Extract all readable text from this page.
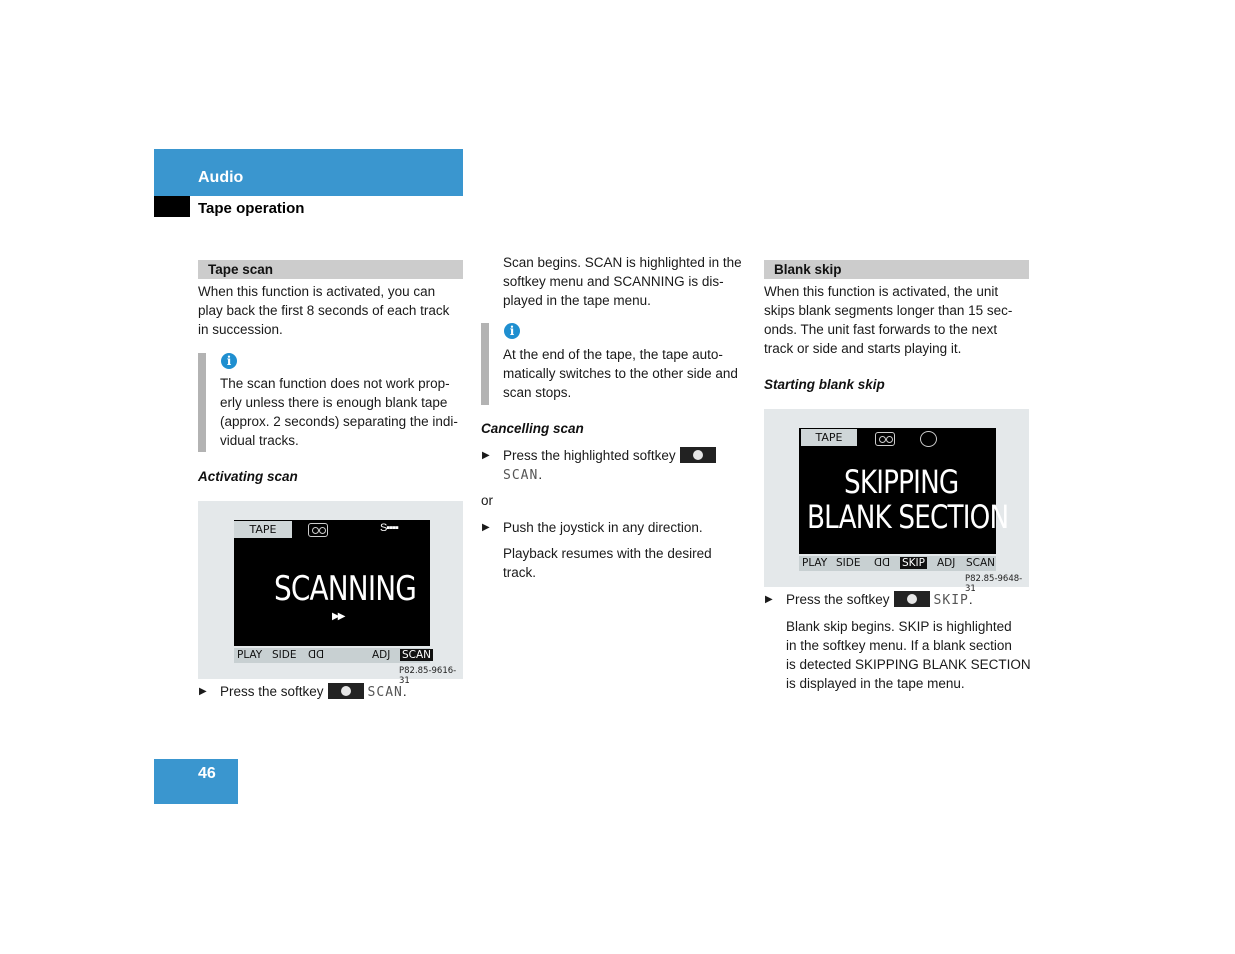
Audio
Tape operation
Tape scan
When this function is activated, you can
play back the first 8 seconds of each track
in succession.
i
The scan function does not work prop-
erly unless there is enough blank tape
(approx. 2 seconds) separating the indi-
vidual tracks.
Activating scan
TAPE	S▪▪▪▪
SCANNING
▶▶
PLAY SIDE ᗡᗡ	ADJ SCAN
P82.85-9616-31
▶ Press the softkey	SCAN.
Scan begins. SCAN is highlighted in the
softkey menu and SCANNING is dis-
played in the tape menu.
i
At the end of the tape, the tape auto-
matically switches to the other side and
scan stops.
Cancelling scan
▶ Press the highlighted softkey
SCAN.
or
▶ Push the joystick in any direction.
Playback resumes with the desired
track.
Blank skip
When this function is activated, the unit
skips blank segments longer than 15 sec-
onds. The unit fast forwards to the next
track or side and starts playing it.
Starting blank skip
TAPE
SKIPPING
BLANK SECTION
PLAY SIDE ᗡᗡ SKIP ADJ SCAN
P82.85-9648-31
▶ Press the softkey	SKIP.
Blank skip begins. SKIP is highlighted
in the softkey menu. If a blank section
is detected SKIPPING BLANK SECTION
is displayed in the tape menu.
46
